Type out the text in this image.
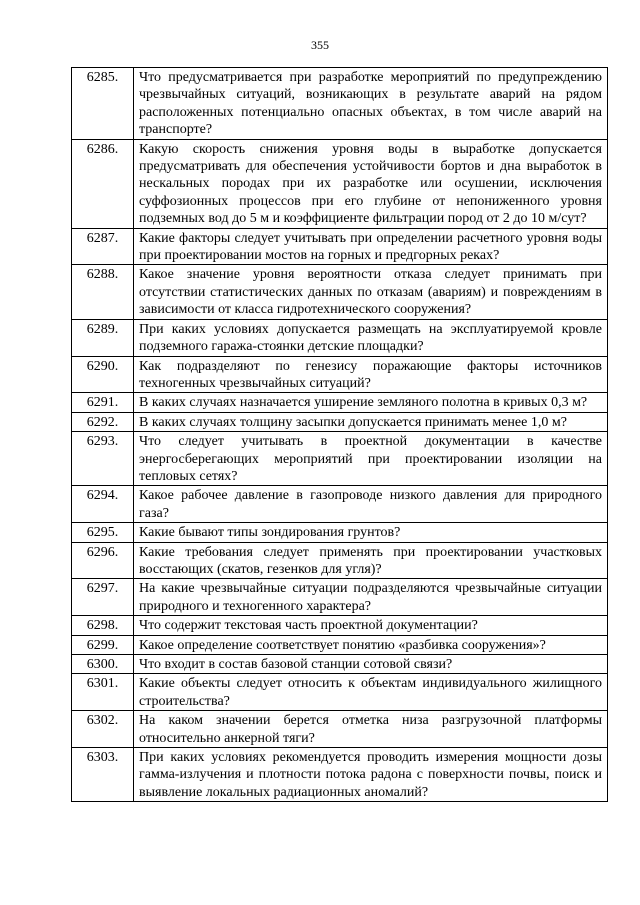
355
6285.	Что предусматривается при разработке мероприятий по предупреждению чрезвычайных ситуаций, возникающих в результате аварий на рядом расположенных потенциально опасных объектах, в том числе аварий на транспорте?
6286.	Какую скорость снижения уровня воды в выработке допускается предусматривать для обеспечения устойчивости бортов и дна выработок в нескальных породах при их разработке или осушении, исключения суффозионных процессов при его глубине от непониженного уровня подземных вод до 5 м и коэффициенте фильтрации пород от 2 до 10 м/сут?
6287.	Какие факторы следует учитывать при определении расчетного уровня воды при проектировании мостов на горных и предгорных реках?
6288.	Какое значение уровня вероятности отказа следует принимать при отсутствии статистических данных по отказам (авариям) и повреждениям в зависимости от класса гидротехнического сооружения?
6289.	При каких условиях допускается размещать на эксплуатируемой кровле подземного гаража-стоянки детские площадки?
6290.	Как подразделяют по генезису поражающие факторы источников техногенных чрезвычайных ситуаций?
6291.	В каких случаях назначается уширение земляного полотна в кривых 0,3 м?
6292.	В каких случаях толщину засыпки допускается принимать менее 1,0 м?
6293.	Что следует учитывать в проектной документации в качестве энергосберегающих мероприятий при проектировании изоляции на тепловых сетях?
6294.	Какое рабочее давление в газопроводе низкого давления для природного газа?
6295.	Какие бывают типы зондирования грунтов?
6296.	Какие требования следует применять при проектировании участковых восстающих (скатов, гезенков для угля)?
6297.	На какие чрезвычайные ситуации подразделяются чрезвычайные ситуации природного и техногенного характера?
6298.	Что содержит текстовая часть проектной документации?
6299.	Какое определение соответствует понятию «разбивка сооружения»?
6300.	Что входит в состав базовой станции сотовой связи?
6301.	Какие объекты следует относить к объектам индивидуального жилищного строительства?
6302.	На каком значении берется отметка низа разгрузочной платформы относительно анкерной тяги?
6303.	При каких условиях рекомендуется проводить измерения мощности дозы гамма-излучения и плотности потока радона с поверхности почвы, поиск и выявление локальных радиационных аномалий?
